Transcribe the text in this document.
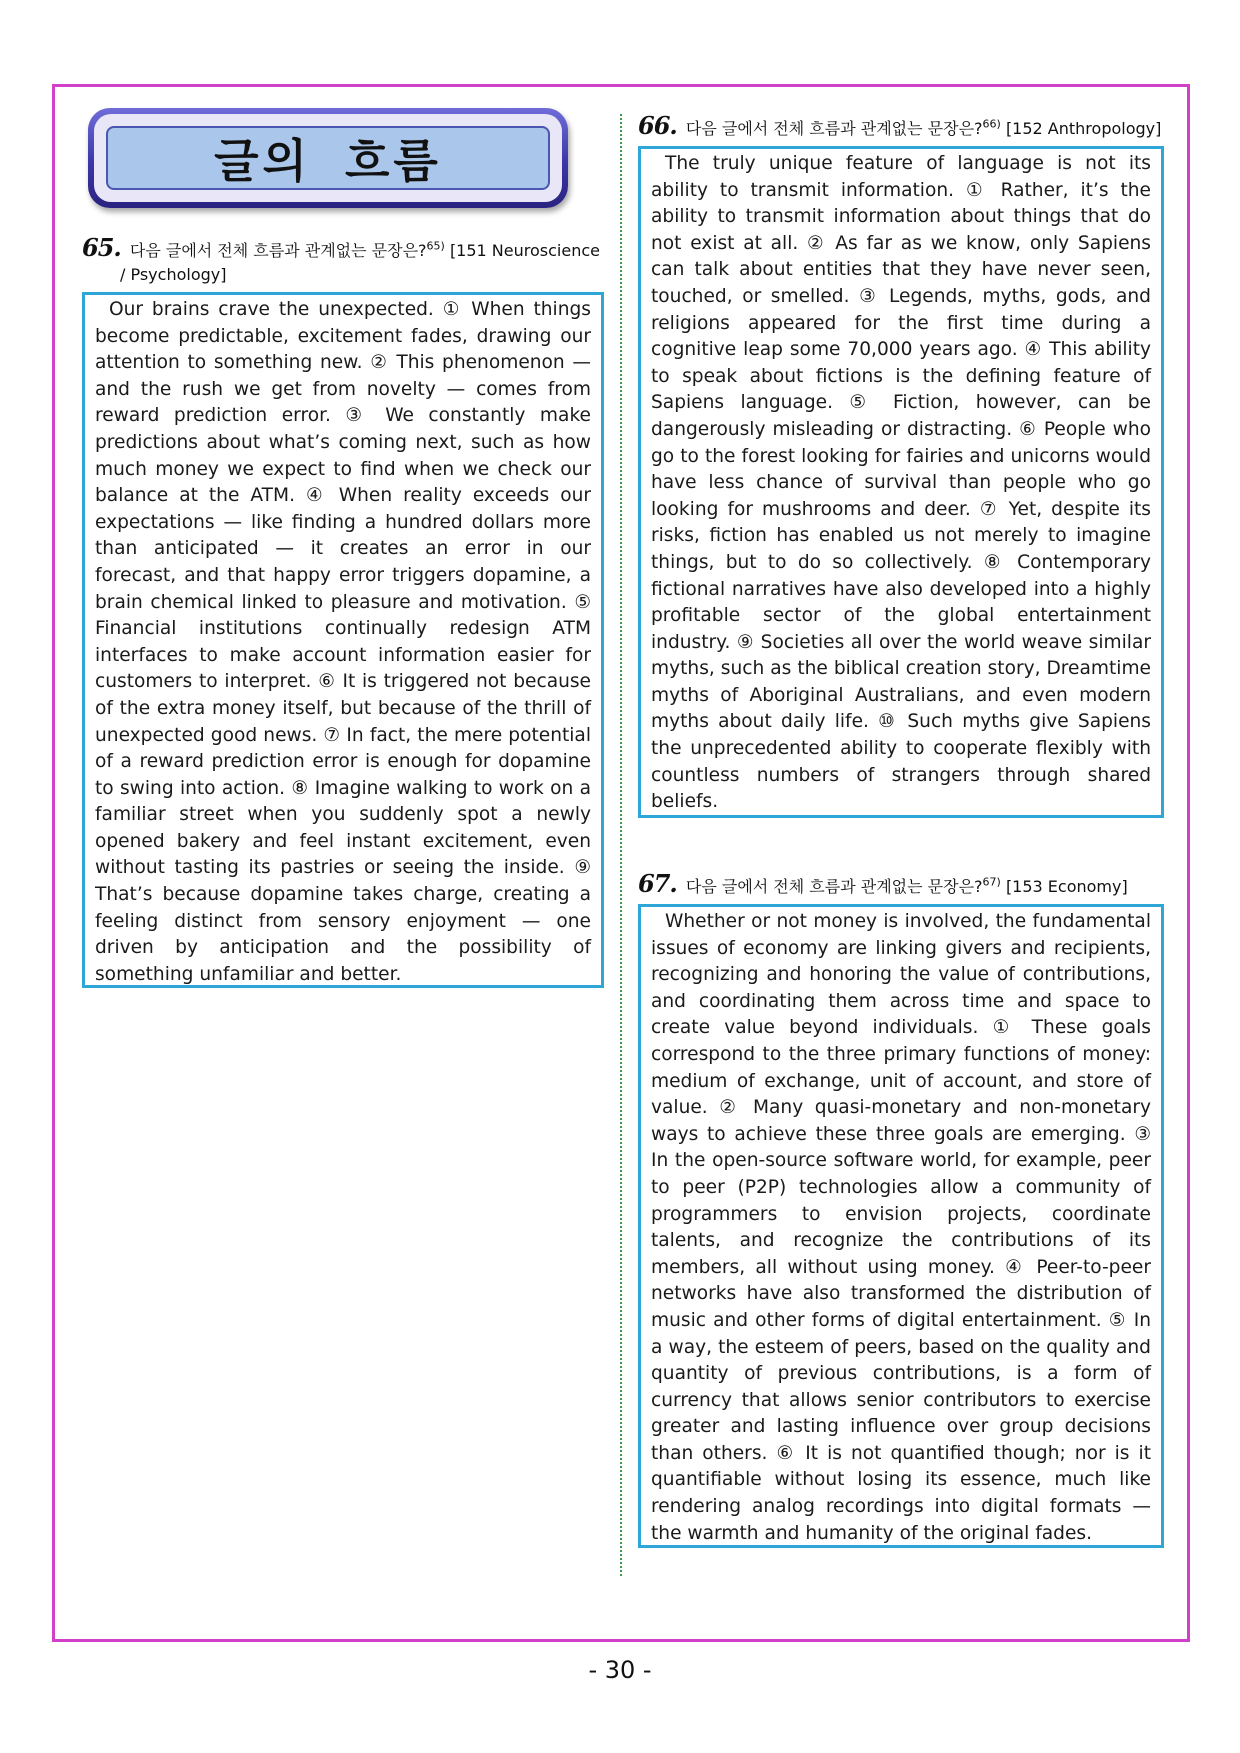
글의 흐름
65. 다음 글에서 전체 흐름과 관계없는 문장은?$^{65)}$ [151 Neuroscience
/ Psychology]

Our brains crave the unexpected. ① When things become predictable, excitement fades, drawing our attention to something new. ② This phenomenon — and the rush we get from novelty — comes from reward prediction error. ③ We constantly make predictions about what’s coming next, such as how much money we expect to find when we check our balance at the ATM. ④ When reality exceeds our expectations — like finding a hundred dollars more than anticipated — it creates an error in our forecast, and that happy error triggers dopamine, a brain chemical linked to pleasure and motivation. ⑤ Financial institutions continually redesign ATM interfaces to make account information easier for customers to interpret. ⑥ It is triggered not because of the extra money itself, but because of the thrill of unexpected good news. ⑦ In fact, the mere potential of a reward prediction error is enough for dopamine to swing into action. ⑧ Imagine walking to work on a familiar street when you suddenly spot a newly opened bakery and feel instant excitement, even without tasting its pastries or seeing the inside. ⑨ That’s because dopamine takes charge, creating a feeling distinct from sensory enjoyment — one driven by anticipation and the possibility of something unfamiliar and better.

66. 다음 글에서 전체 흐름과 관계없는 문장은?$^{66)}$ [152 Anthropology]

The truly unique feature of language is not its ability to transmit information. ① Rather, it’s the ability to transmit information about things that do not exist at all. ② As far as we know, only Sapiens can talk about entities that they have never seen, touched, or smelled. ③ Legends, myths, gods, and religions appeared for the first time during a cognitive leap some 70,000 years ago. ④ This ability to speak about fictions is the defining feature of Sapiens language. ⑤ Fiction, however, can be dangerously misleading or distracting. ⑥ People who go to the forest looking for fairies and unicorns would have less chance of survival than people who go looking for mushrooms and deer. ⑦ Yet, despite its risks, fiction has enabled us not merely to imagine things, but to do so collectively. ⑧ Contemporary fictional narratives have also developed into a highly profitable sector of the global entertainment industry. ⑨ Societies all over the world weave similar myths, such as the biblical creation story, Dreamtime myths of Aboriginal Australians, and even modern myths about daily life. ⑩ Such myths give Sapiens the unprecedented ability to cooperate flexibly with countless numbers of strangers through shared beliefs.

67. 다음 글에서 전체 흐름과 관계없는 문장은?$^{67)}$ [153 Economy]

Whether or not money is involved, the fundamental issues of economy are linking givers and recipients, recognizing and honoring the value of contributions, and coordinating them across time and space to create value beyond individuals. ① These goals correspond to the three primary functions of money: medium of exchange, unit of account, and store of value. ② Many quasi-monetary and non-monetary ways to achieve these three goals are emerging. ③ In the open-source software world, for example, peer to peer (P2P) technologies allow a community of programmers to envision projects, coordinate talents, and recognize the contributions of its members, all without using money. ④ Peer-to-peer networks have also transformed the distribution of music and other forms of digital entertainment. ⑤ In a way, the esteem of peers, based on the quality and quantity of previous contributions, is a form of currency that allows senior contributors to exercise greater and lasting influence over group decisions than others. ⑥ It is not quantified though; nor is it quantifiable without losing its essence, much like rendering analog recordings into digital formats — the warmth and humanity of the original fades.

- 30 -
